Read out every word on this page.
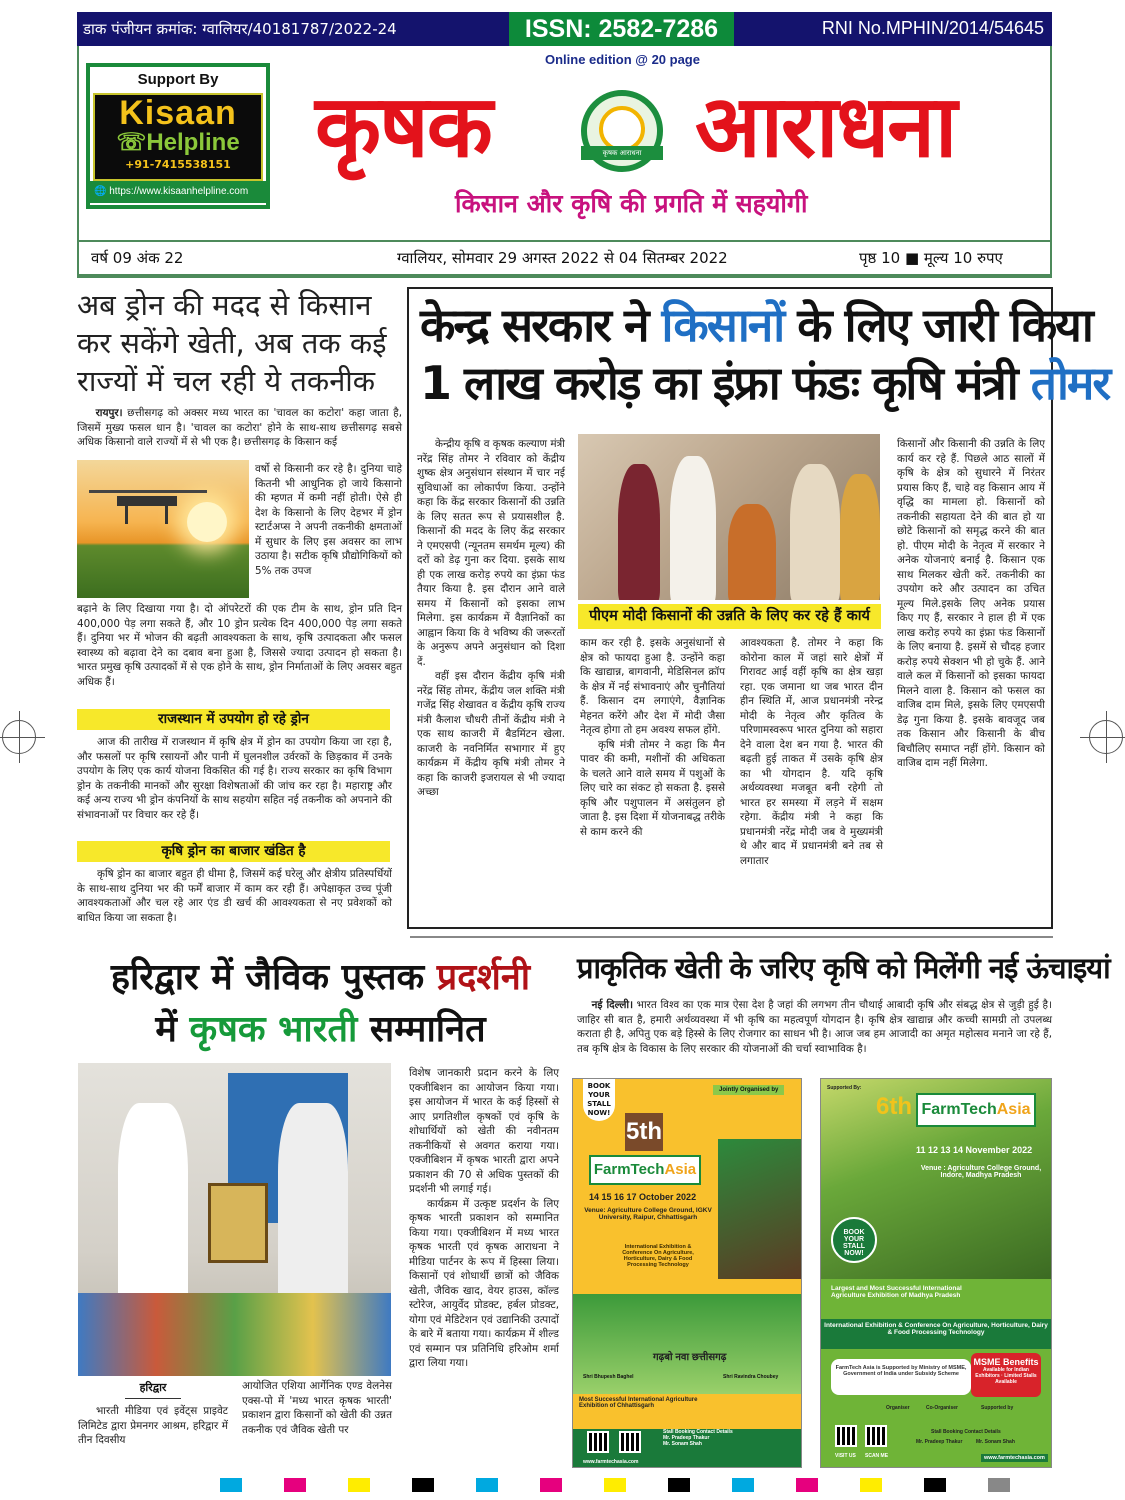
डाक पंजीयन क्रमांक: ग्वालियर/40181787/2022-24	ISSN: 2582-7286	RNI No.MPHIN/2014/54645
Online edition @ 20 page
Support By
Kisaan
☏Helpline
+91-7415538151
🌐 https://www.kisaanhelpline.com
कृषक	कृषक आराधना आराधना
किसान और कृषि की प्रगति में सहयोगी
वर्ष 09 अंक 22	ग्वालियर, सोमवार 29 अगस्त 2022 से 04 सितम्बर 2022	पृष्ठ 10 ■ मूल्य 10 रुपए
अब ड्रोन की मदद से किसान कर सकेंगे खेती, अब तक कई राज्यों में चल रही ये तकनीक
रायपुर। छत्तीसगढ़ को अक्सर मध्य भारत का 'चावल का कटोरा' कहा जाता है, जिसमें मुख्य फसल धान है। 'चावल का कटोरा' होने के साथ-साथ छत्तीसगढ़ सबसे अधिक किसानो वाले राज्यों में से भी एक है। छत्तीसगढ़ के किसान कई
वर्षो से किसानी कर रहे है। दुनिया चाहे कितनी भी आधुनिक हो जाये किसानो की म्हणत में कमी नहीं होती। ऐसे ही देश के किसानो के लिए देहभर में ड्रोन स्टार्टअप्स ने अपनी तकनीकी क्षमताओं में सुधार के लिए इस अवसर का लाभ उठाया है। सटीक कृषि प्रौद्योगिकियों को 5% तक उपज
बढ़ाने के लिए दिखाया गया है। दो ऑपरेटरों की एक टीम के साथ, ड्रोन प्रति दिन 400,000 पेड़ लगा सकते हैं, और 10 ड्रोन प्रत्येक दिन 400,000 पेड़ लगा सकते हैं। दुनिया भर में भोजन की बढ़ती आवश्यकता के साथ, कृषि उत्पादकता और फसल स्वास्थ्य को बढ़ावा देने का दबाव बना हुआ है, जिससे ज्यादा उत्पादन हो सकता है। भारत प्रमुख कृषि उत्पादकों में से एक होने के साथ, ड्रोन निर्माताओं के लिए अवसर बहुत अधिक हैं।
राजस्थान में उपयोग हो रहे ड्रोन
आज की तारीख में राजस्थान में कृषि क्षेत्र में ड्रोन का उपयोग किया जा रहा है, और फसलों पर कृषि रसायनों और पानी में घुलनशील उर्वरकों के छिड़काव में उनके उपयोग के लिए एक कार्य योजना विकसित की गई है। राज्य सरकार का कृषि विभाग ड्रोन के तकनीकी मानकों और सुरक्षा विशेषताओं की जांच कर रहा है। महाराष्ट्र और कई अन्य राज्य भी ड्रोन कंपनियों के साथ सहयोग सहित नई तकनीक को अपनाने की संभावनाओं पर विचार कर रहे हैं।
कृषि ड्रोन का बाजार खंडित है
कृषि ड्रोन का बाजार बहुत ही धीमा है, जिसमें कई घरेलू और क्षेत्रीय प्रतिस्पर्धियों के साथ-साथ दुनिया भर की फर्में बाजार में काम कर रही हैं। अपेक्षाकृत उच्च पूंजी आवश्यकताओं और चल रहे आर एंड डी खर्च की आवश्यकता से नए प्रवेशकों को बाधित किया जा सकता है।
केन्द्र सरकार ने किसानों के लिए जारी किया
1 लाख करोड़ का इंफ्रा फंडः कृषि मंत्री तोमर

केन्द्रीय कृषि व कृषक कल्याण मंत्री नरेंद्र सिंह तोमर ने रविवार को केंद्रीय शुष्क क्षेत्र अनुसंधान संस्थान में चार नई सुविधाओं का लोकार्पण किया. उन्होंने कहा कि केंद्र सरकार किसानों की उन्नति के लिए सतत रूप से प्रयासशील है. किसानों की मदद के लिए केंद्र सरकार ने एमएसपी (न्यूनतम समर्थम मूल्य) की दरों को डेढ़ गुना कर दिया. इसके साथ ही एक लाख करोड़ रुपये का इंफ्रा फंड तैयार किया है. इस दौरान आने वाले समय में किसानों को इसका लाभ मिलेगा. इस कार्यक्रम में वैज्ञानिकों का आह्वान किया कि वे भविष्य की जरूरतों के अनुरूप अपने अनुसंधान को दिशा दें.

वहीं इस दौरान केंद्रीय कृषि मंत्री नरेंद्र सिंह तोमर, केंद्रीय जल शक्ति मंत्री गजेंद्र सिंह शेखावत व केंद्रीय कृषि राज्य मंत्री कैलाश चौधरी तीनों केंद्रीय मंत्री ने एक साथ काजरी में बैडमिंटन खेला. काजरी के नवनिर्मित सभागार में हुए कार्यक्रम में केंद्रीय कृषि मंत्री तोमर ने कहा कि काजरी इजरायल से भी ज्यादा अच्छा

पीएम मोदी किसानों की उन्नति के लिए कर रहे हैं कार्य

काम कर रही है. इसके अनुसंधानों से क्षेत्र को फायदा हुआ है. उन्होंने कहा कि खाद्यान्न, बागवानी, मेडिसिनल क्रॉप के क्षेत्र में नई संभावनाएं और चुनौतियां हैं. किसान दम लगाएंगे, वैज्ञानिक मेहनत करेंगे और देश में मोदी जैसा नेतृत्व होगा तो हम अवश्य सफल होंगे.

कृषि मंत्री तोमर ने कहा कि मैन पावर की कमी, मशीनों की अधिकता के चलते आने वाले समय में पशुओं के लिए चारे का संकट हो सकता है. इससे कृषि और पशुपालन में असंतुलन हो जाता है. इस दिशा में योजनाबद्ध तरीके से काम करने की

आवश्यकता है. तोमर ने कहा कि कोरोना काल में जहां सारे क्षेत्रों में गिरावट आई वहीं कृषि का क्षेत्र खड़ा रहा. एक जमाना था जब भारत दीन हीन स्थिति में, आज प्रधानमंत्री नरेन्द्र मोदी के नेतृत्व और कृतित्व के परिणामस्वरूप भारत दुनिया को सहारा देने वाला देश बन गया है. भारत की बढ़ती हुई ताकत में उसके कृषि क्षेत्र का भी योगदान है. यदि कृषि अर्थव्यवस्था मजबूत बनी रहेगी तो भारत हर समस्या में लड़ने में सक्षम रहेगा. केंद्रीय मंत्री ने कहा कि प्रधानमंत्री नरेंद्र मोदी जब वे मुख्यमंत्री थे और बाद में प्रधानमंत्री बने तब से लगातार
किसानों और किसानी की उन्नति के लिए कार्य कर रहे हैं. पिछले आठ सालों में कृषि के क्षेत्र को सुधारने में निरंतर प्रयास किए हैं, चाहे वह किसान आय में वृद्धि का मामला हो. किसानों को तकनीकी सहायता देने की बात हो या छोटे किसानों को समृद्ध करने की बात हो. पीएम मोदी के नेतृत्व में सरकार ने अनेक योजनाएं बनाई है. किसान एक साथ मिलकर खेती करें. तकनीकी का उपयोग करे और उत्पादन का उचित मूल्य मिले.इसके लिए अनेक प्रयास किए गए हैं, सरकार ने हाल ही में एक लाख करोड़ रुपये का इंफ्रा फंड किसानों के लिए बनाया है. इसमें से चौदह हजार करोड़ रुपये सेक्शन भी हो चुके हैं. आने वाले कल में किसानों को इसका फायदा मिलने वाला है. किसान को फसल का वाजिब दाम मिले, इसके लिए एमएसपी डेढ़ गुना किया है. इसके बावजूद जब तक किसान और किसानी के बीच बिचौलिए समाप्त नहीं होंगे. किसान को वाजिब दाम नहीं मिलेगा.
हरिद्वार में जैविक पुस्तक प्रदर्शनी
में कृषक भारती सम्मानित
हरिद्वार
भारती मीडिया एवं इवेंट्स प्राइवेट लिमिटेड द्वारा प्रेमनगर आश्रम, हरिद्वार में तीन दिवसीय
आयोजित एशिया आर्गेनिक एण्ड वेलनेस एक्स-पो में 'मध्य भारत कृषक भारती' प्रकाशन द्वारा किसानों को खेती की उन्नत तकनीक एवं जैविक खेती पर

विशेष जानकारी प्रदान करने के लिए एक्जीबिशन का आयोजन किया गया। इस आयोजन में भारत के कई हिस्सों से आए प्रगतिशील कृषकों एवं कृषि के शोधार्थियों को खेती की नवीनतम तकनीकियों से अवगत कराया गया। एक्जीबिशन में कृषक भारती द्वारा अपने प्रकाशन की 70 से अधिक पुस्तकों की प्रदर्शनी भी लगाई गई।

कार्यक्रम में उत्कृष्ट प्रदर्शन के लिए कृषक भारती प्रकाशन को सम्मानित किया गया। एक्जीबिशन में मध्य भारत कृषक भारती एवं कृषक आराधना ने मीडिया पार्टनर के रूप में हिस्सा लिया। किसानों एवं शोधार्थी छात्रों को जैविक खेती, जैविक खाद, वेयर हाउस, कॉल्ड स्टोरेज, आयुर्वेद प्रोडक्ट, हर्बल प्रोडक्ट, योगा एवं मेडिटेशन एवं उद्यानिकी उत्पादों के बारे में बताया गया। कार्यक्रम में शील्ड एवं सम्मान पत्र प्रतिनिधि हरिओम शर्मा द्वारा लिया गया।

प्राकृतिक खेती के जरिए कृषि को मिलेंगी नई ऊंचाइयां
नई दिल्ली। भारत विश्व का एक मात्र ऐसा देश है जहां की लगभग तीन चौथाई आबादी कृषि और संबद्ध क्षेत्र से जुड़ी हुई है। जाहिर सी बात है, हमारी अर्थव्यवस्था में भी कृषि का महत्वपूर्ण योगदान है। कृषि क्षेत्र खाद्यान्न और कच्ची सामग्री तो उपलब्ध कराता ही है, अपितु एक बड़े हिस्से के लिए रोजगार का साधन भी है। आज जब हम आजादी का अमृत महोत्सव मनाने जा रहे हैं, तब कृषि क्षेत्र के विकास के लिए सरकार की योजनाओं की चर्चा स्वाभाविक है।
BOOK YOUR STALL NOW!
Jointly Organised by
5th
FarmTechAsia
14 15 16 17 October 2022
Venue: Agriculture College Ground, IGKV University, Raipur, Chhattisgarh
International Exhibition & Conference On Agriculture, Horticulture, Dairy & Food Processing Technology
गढ़बो नवा छत्तीसगढ़
Shri Bhupesh Baghel	Shri Ravindra Choubey
Most Successful International Agriculture Exhibition of Chhattisgarh
Stall Booking Contact Details
Mr. Pradeep Thakur
Mr. Sonam Shah
www.farmtechasia.com
Supported By:
6th FarmTechAsia
11 12 13 14 November 2022
Venue : Agriculture College Ground, Indore, Madhya Pradesh
BOOK YOUR STALL NOW!
Largest and Most Successful International Agriculture Exhibition of Madhya Pradesh
International Exhibition & Conference On Agriculture, Horticulture, Dairy & Food Processing Technology
FarmTech Asia is Supported by Ministry of MSME, Government of India under Subsidy Scheme
MSME Benefits
Available for Indian Exhibitors · Limited Stalls Available
Organiser	Co-Organiser	Supported by
Stall Booking Contact Details
Mr. Pradeep Thakur	Mr. Sonam Shah
VISIT US SCAN ME	www.farmtechasia.com
